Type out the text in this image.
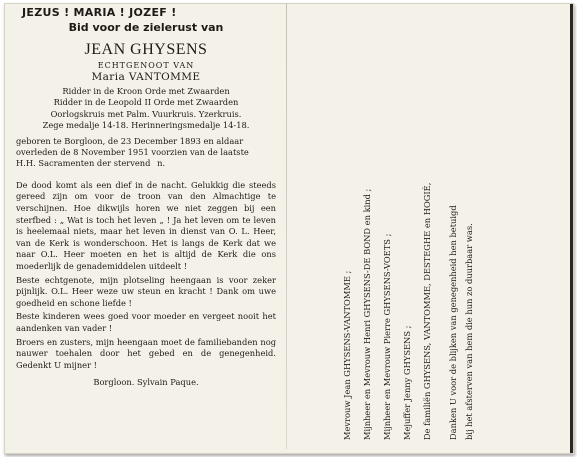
JEZUS ! MARIA ! JOZEF !
Bid voor de zielerust van
JEAN GHYSENS
ECHTGENOOT VAN
Maria VANTOMME
Ridder in de Kroon Orde met Zwaarden
Ridder in de Leopold II Orde met Zwaarden
Oorlogskruis met Palm. Vuurkruis. Yzerkruis.
Zege medalje 14-18. Herinneringsmedalje 14-18.
geboren te Borgloon, de 23 December 1893 en aldaar
overleden de 8 November 1951 voorzien van de laatste
H.H. Sacramenten der stervendn.

De dood komt als een dief in de nacht. Gelukkig die steeds gereed zijn om voor de troon van den Almachtige te verschijnen. Hoe dikwijls horen we niet zeggen bij een sterfbed : „ Wat is toch het leven „ ! Ja het leven om te leven is heelemaal niets, maar het leven in dienst van O. L. Heer, van de Kerk is wonderschoon. Het is langs de Kerk dat we naar O.L. Heer moeten en het is altijd de Kerk die ons moederlijk de genademiddelen uitdeelt !

Beste echtgenote, mijn plotseling heengaan is voor zeker pijnlijk. O.L. Heer weze uw steun en kracht ! Dank om uwe goedheid en schone liefde !

Beste kinderen wees goed voor moeder en vergeet nooit het aandenken van vader !

Broers en zusters, mijn heengaan moet de familiebanden nog nauwer toehalen door het gebed en de genegenheid. Gedenkt U mijner !

Borgloon. Sylvain Paque.	Mevrouw Jean GHYSENS-VANTOMME ; Mijnheer en Mevrouw Henri GHYSENS-DE BOND en kind ; Mijnheer en Mevrouw Pierre GHYSENS-VOETS ; Mejuffer Jenny GHYSENS ; De familiën GHYSENS, VANTOMME, DESTEGHE en HOGIÉ, Danken U voor de blijken van genegenheid hen betuigd bij het afsterven van hem die hun zo duurbaar was.
